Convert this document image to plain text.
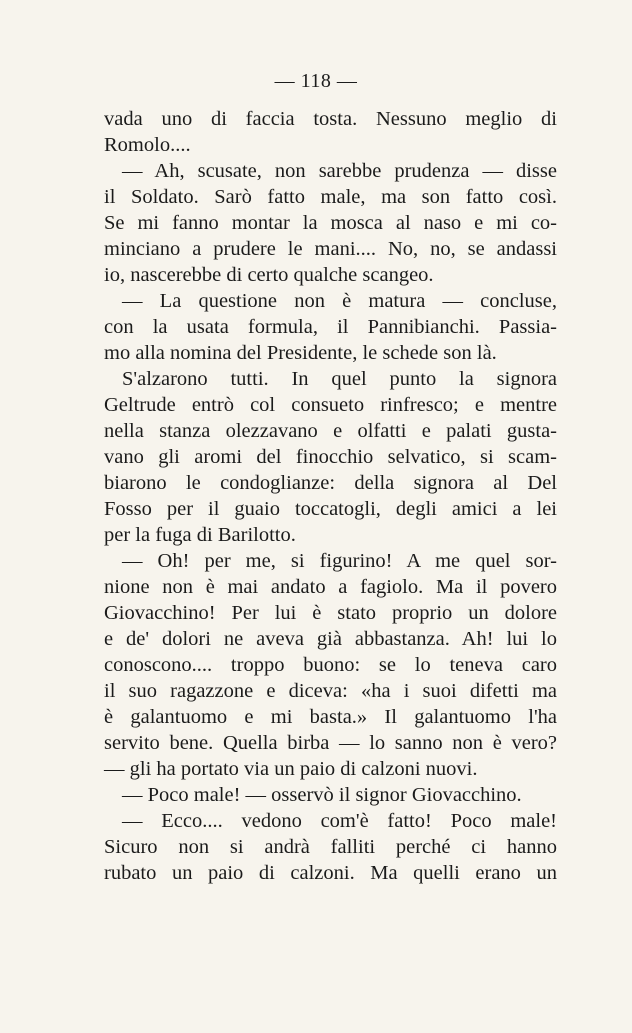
— 118 —
vada uno di faccia tosta. Nessuno meglio di
Romolo....
— Ah, scusate, non sarebbe prudenza — disse
il Soldato. Sarò fatto male, ma son fatto così.
Se mi fanno montar la mosca al naso e mi co-
minciano a prudere le mani.... No, no, se andassi
io, nascerebbe di certo qualche scangeo.
— La questione non è matura — concluse,
con la usata formula, il Pannibianchi. Passia-
mo alla nomina del Presidente, le schede son là.
S'alzarono tutti. In quel punto la signora
Geltrude entrò col consueto rinfresco; e mentre
nella stanza olezzavano e olfatti e palati gusta-
vano gli aromi del finocchio selvatico, si scam-
biarono le condoglianze: della signora al Del
Fosso per il guaio toccatogli, degli amici a lei
per la fuga di Barilotto.
— Oh! per me, si figurino! A me quel sor-
nione non è mai andato a fagiolo. Ma il povero
Giovacchino! Per lui è stato proprio un dolore
e de' dolori ne aveva già abbastanza. Ah! lui lo
conoscono.... troppo buono: se lo teneva caro
il suo ragazzone e diceva: «ha i suoi difetti ma
è galantuomo e mi basta.» Il galantuomo l'ha
servito bene. Quella birba — lo sanno non è vero?
— gli ha portato via un paio di calzoni nuovi.
— Poco male! — osservò il signor Giovacchino.
— Ecco.... vedono com'è fatto! Poco male!
Sicuro non si andrà falliti perché ci hanno
rubato un paio di calzoni. Ma quelli erano un
